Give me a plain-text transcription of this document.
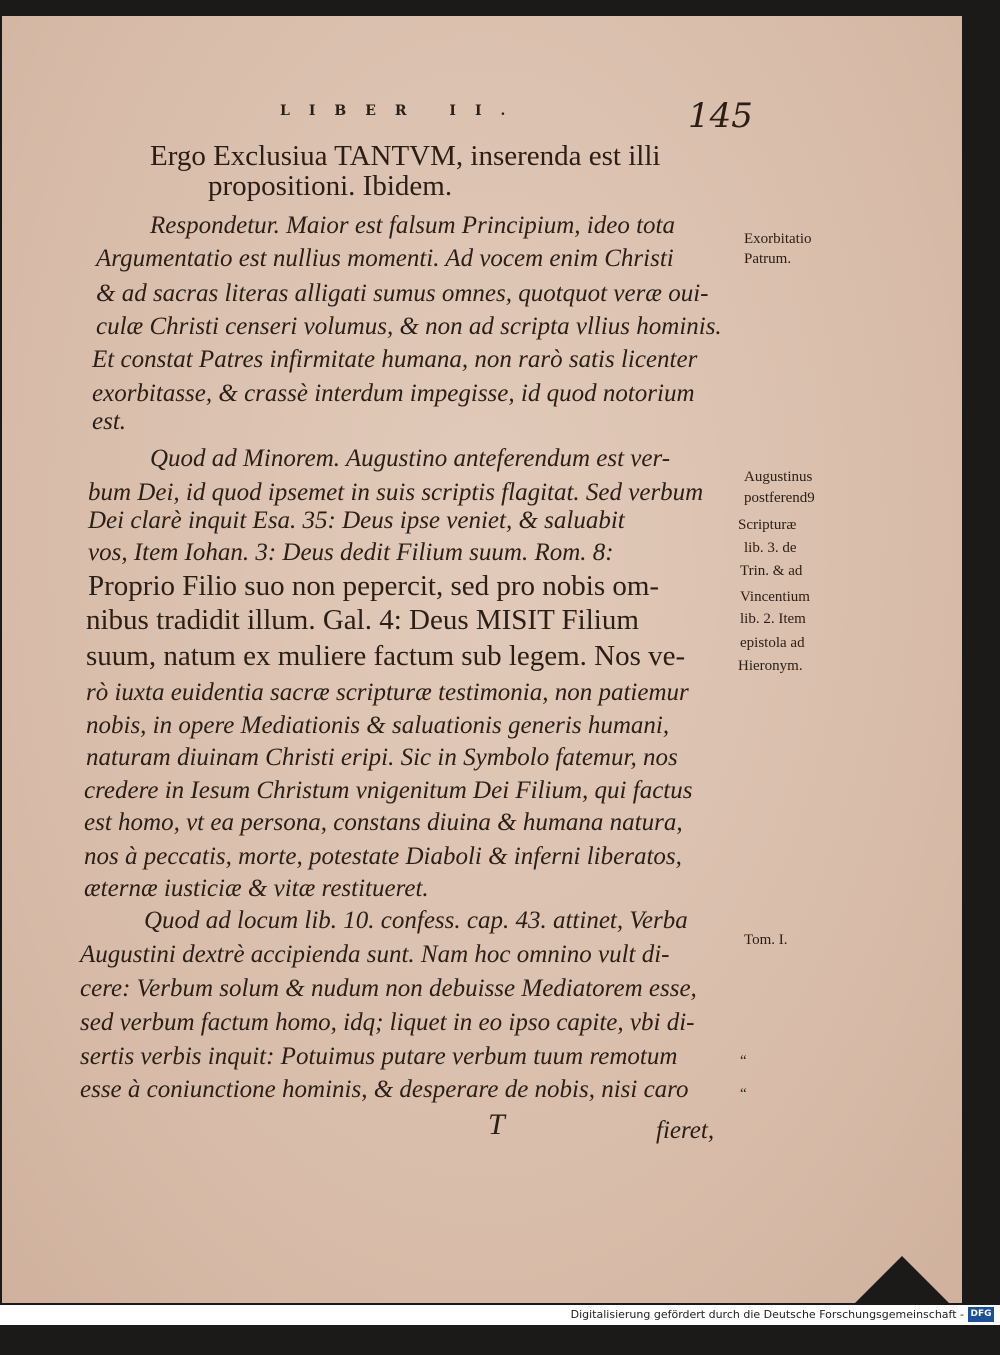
LIBER II.	145
Ergo Exclusiua TANTVM, inserenda est illi
propositioni. Ibidem.
Respondetur. Maior est falsum Principium, ideo tota
Argumentatio est nullius momenti. Ad vocem enim Christi
& ad sacras literas alligati sumus omnes, quotquot veræ oui-
culæ Christi censeri volumus, & non ad scripta vllius hominis.
Et constat Patres infirmitate humana, non rarò satis licenter
exorbitasse, & crassè interdum impegisse, id quod notorium
est.
Quod ad Minorem. Augustino anteferendum est ver-
bum Dei, id quod ipsemet in suis scriptis flagitat. Sed verbum
Dei clarè inquit Esa. 35: Deus ipse veniet, & saluabit
vos, Item Iohan. 3: Deus dedit Filium suum. Rom. 8:
Proprio Filio suo non pepercit, sed pro nobis om-
nibus tradidit illum. Gal. 4: Deus MISIT Filium
suum, natum ex muliere factum sub legem. Nos ve-
rò iuxta euidentia sacræ scripturæ testimonia, non patiemur
nobis, in opere Mediationis & saluationis generis humani,
naturam diuinam Christi eripi. Sic in Symbolo fatemur, nos
credere in Iesum Christum vnigenitum Dei Filium, qui factus
est homo, vt ea persona, constans diuina & humana natura,
nos à peccatis, morte, potestate Diaboli & inferni liberatos,
æternæ iusticiæ & vitæ restitueret.
Quod ad locum lib. 10. confess. cap. 43. attinet, Verba
Augustini dextrè accipienda sunt. Nam hoc omnino vult di-
cere: Verbum solum & nudum non debuisse Mediatorem esse,
sed verbum factum homo, idq; liquet in eo ipso capite, vbi di-
sertis verbis inquit: Potuimus putare verbum tuum remotum
esse à coniunctione hominis, & desperare de nobis, nisi caro
Exorbitatio
Patrum.
Augustinus
postferend9
Scripturæ
lib. 3. de
Trin. & ad
Vincentium
lib. 2. Item
epistola ad
Hieronym.
Tom. I.
“
“
T	fieret,
Digitalisierung gefördert durch die Deutsche Forschungsgemeinschaft - DFG
